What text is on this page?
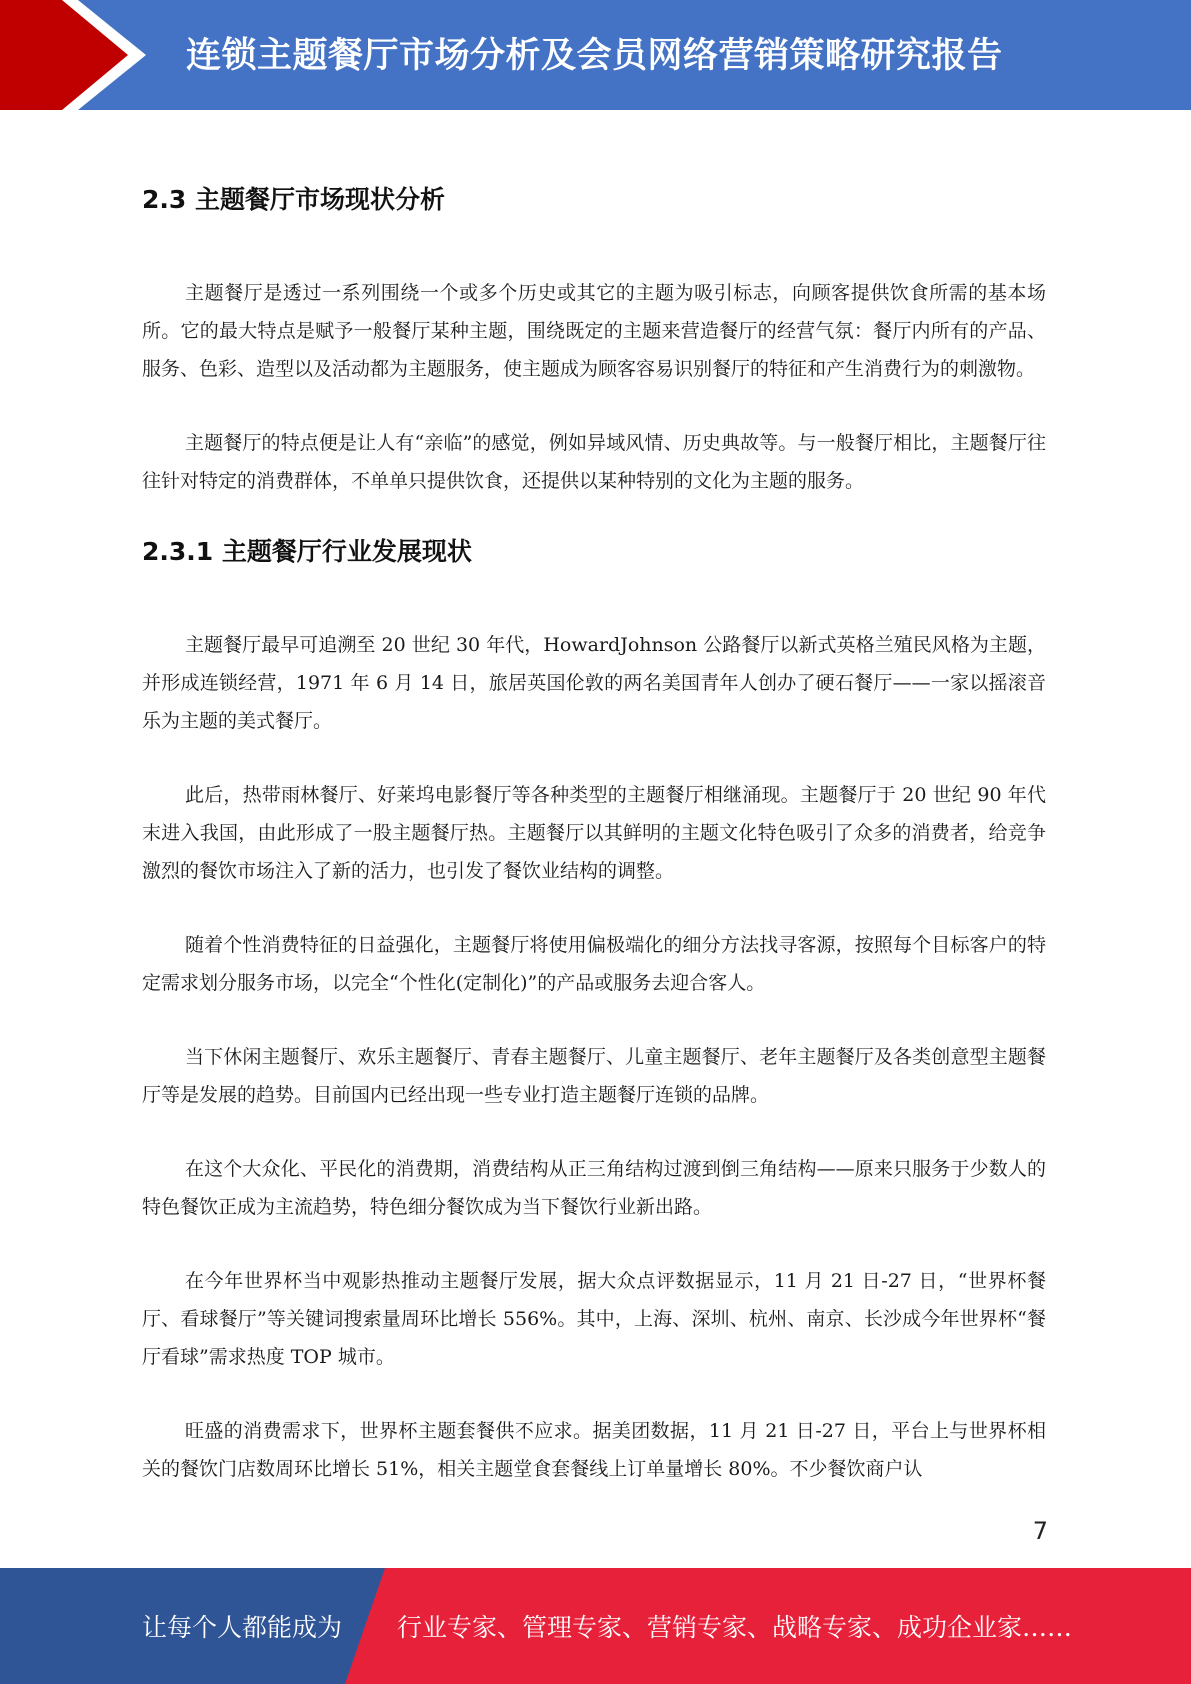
连锁主题餐厅市场分析及会员网络营销策略研究报告
2.3 主题餐厅市场现状分析

主题餐厅是透过一系列围绕一个或多个历史或其它的主题为吸引标志，向顾客提供饮食所需的基本场所。它的最大特点是赋予一般餐厅某种主题，围绕既定的主题来营造餐厅的经营气氛：餐厅内所有的产品、服务、色彩、造型以及活动都为主题服务，使主题成为顾客容易识别餐厅的特征和产生消费行为的刺激物。

主题餐厅的特点便是让人有“亲临”的感觉，例如异域风情、历史典故等。与一般餐厅相比，主题餐厅往往针对特定的消费群体，不单单只提供饮食，还提供以某种特别的文化为主题的服务。

2.3.1 主题餐厅行业发展现状

主题餐厅最早可追溯至 20 世纪 30 年代，HowardJohnson 公路餐厅以新式英格兰殖民风格为主题，并形成连锁经营，1971 年 6 月 14 日，旅居英国伦敦的两名美国青年人创办了硬石餐厅——一家以摇滚音乐为主题的美式餐厅。

此后，热带雨林餐厅、好莱坞电影餐厅等各种类型的主题餐厅相继涌现。主题餐厅于 20 世纪 90 年代末进入我国，由此形成了一股主题餐厅热。主题餐厅以其鲜明的主题文化特色吸引了众多的消费者，给竞争激烈的餐饮市场注入了新的活力，也引发了餐饮业结构的调整。

随着个性消费特征的日益强化，主题餐厅将使用偏极端化的细分方法找寻客源，按照每个目标客户的特定需求划分服务市场，以完全“个性化(定制化)”的产品或服务去迎合客人。

当下休闲主题餐厅、欢乐主题餐厅、青春主题餐厅、儿童主题餐厅、老年主题餐厅及各类创意型主题餐厅等是发展的趋势。目前国内已经出现一些专业打造主题餐厅连锁的品牌。

在这个大众化、平民化的消费期，消费结构从正三角结构过渡到倒三角结构——原来只服务于少数人的特色餐饮正成为主流趋势，特色细分餐饮成为当下餐饮行业新出路。

在今年世界杯当中观影热推动主题餐厅发展，据大众点评数据显示，11 月 21 日-27 日，“世界杯餐厅、看球餐厅”等关键词搜索量周环比增长 556%。其中，上海、深圳、杭州、南京、长沙成今年世界杯“餐厅看球”需求热度 TOP 城市。

旺盛的消费需求下，世界杯主题套餐供不应求。据美团数据，11 月 21 日-27 日，平台上与世界杯相关的餐饮门店数周环比增长 51%，相关主题堂食套餐线上订单量增长 80%。不少餐饮商户认

7
让每个人都能成为 行业专家、管理专家、营销专家、战略专家、成功企业家……
